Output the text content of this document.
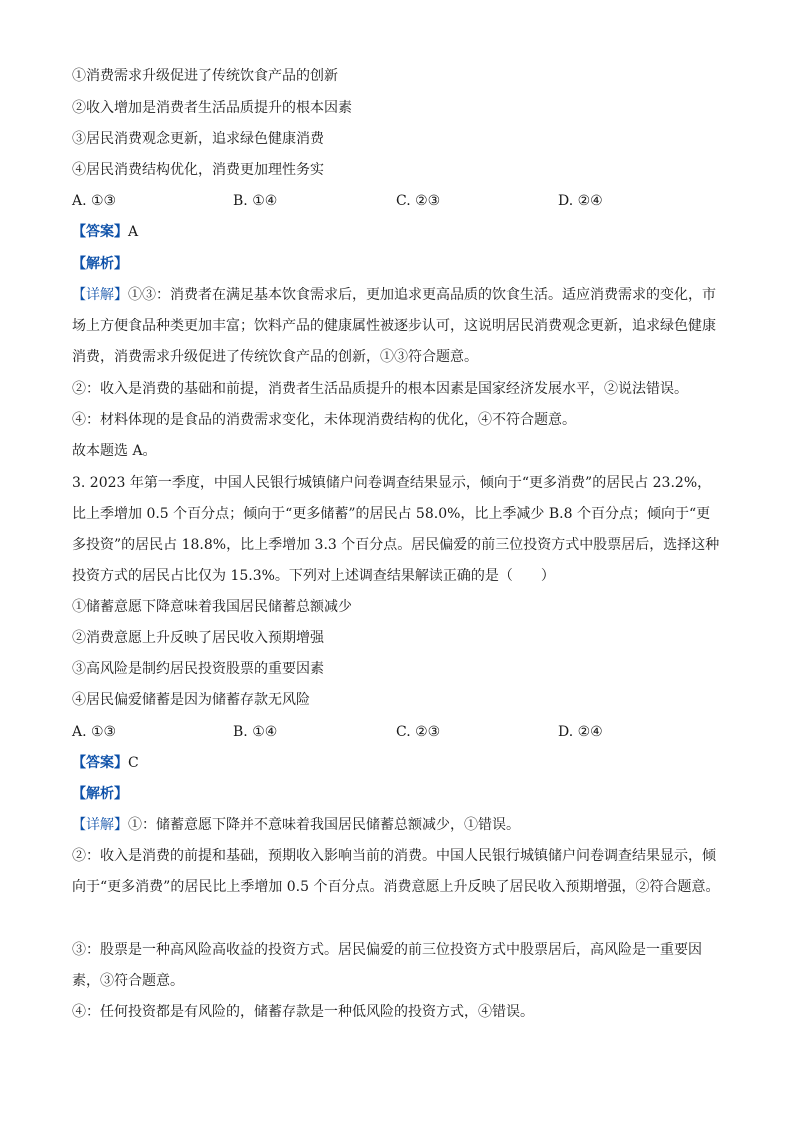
①消费需求升级促进了传统饮食产品的创新
②收入增加是消费者生活品质提升的根本因素
③居民消费观念更新，追求绿色健康消费
④居民消费结构优化，消费更加理性务实
A. ①③	B. ①④	C. ②③	D. ②④
【答案】A
【解析】
【详解】①③：消费者在满足基本饮食需求后，更加追求更高品质的饮食生活。适应消费需求的变化，市场上方便食品种类更加丰富；饮料产品的健康属性被逐步认可，这说明居民消费观念更新，追求绿色健康消费，消费需求升级促进了传统饮食产品的创新，①③符合题意。
②：收入是消费的基础和前提，消费者生活品质提升的根本因素是国家经济发展水平，②说法错误。
④：材料体现的是食品的消费需求变化，未体现消费结构的优化，④不符合题意。
故本题选 A。
3. 2023 年第一季度，中国人民银行城镇储户问卷调查结果显示，倾向于“更多消费”的居民占 23.2%，比上季增加 0.5 个百分点；倾向于“更多储蓄”的居民占 58.0%，比上季减少 B.8 个百分点；倾向于“更多投资”的居民占 18.8%，比上季增加 3.3 个百分点。居民偏爱的前三位投资方式中股票居后，选择这种投资方式的居民占比仅为 15.3%。下列对上述调查结果解读正确的是（　　）
①储蓄意愿下降意味着我国居民储蓄总额减少
②消费意愿上升反映了居民收入预期增强
③高风险是制约居民投资股票的重要因素
④居民偏爱储蓄是因为储蓄存款无风险
A. ①③	B. ①④	C. ②③	D. ②④
【答案】C
【解析】
【详解】①：储蓄意愿下降并不意味着我国居民储蓄总额减少，①错误。
②：收入是消费的前提和基础，预期收入影响当前的消费。中国人民银行城镇储户问卷调查结果显示，倾向于“更多消费”的居民比上季增加 0.5 个百分点。消费意愿上升反映了居民收入预期增强，②符合题意。
③：股票是一种高风险高收益的投资方式。居民偏爱的前三位投资方式中股票居后，高风险是一重要因素，③符合题意。
④：任何投资都是有风险的，储蓄存款是一种低风险的投资方式，④错误。
